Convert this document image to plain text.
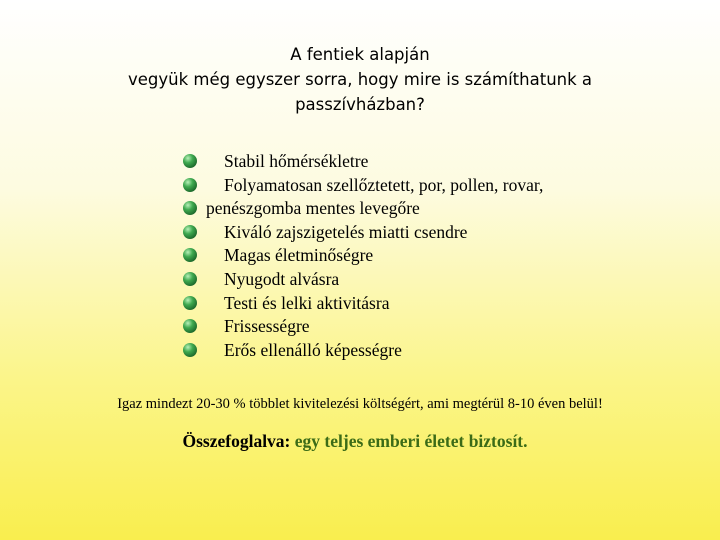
A fentiek alapján
vegyük még egyszer sorra, hogy mire is számíthatunk a
passzívházban?
Stabil hőmérsékletre
Folyamatosan szellőztetett, por, pollen, rovar,
penészgomba mentes levegőre
Kiváló zajszigetelés miatti csendre
Magas életminőségre
Nyugodt alvásra
Testi és lelki aktivitásra
Frissességre
Erős ellenálló képességre
Igaz mindezt 20-30 % többlet kivitelezési költségért, ami megtérül 8-10 éven belül!
Összefoglalva: egy teljes emberi életet biztosít.
